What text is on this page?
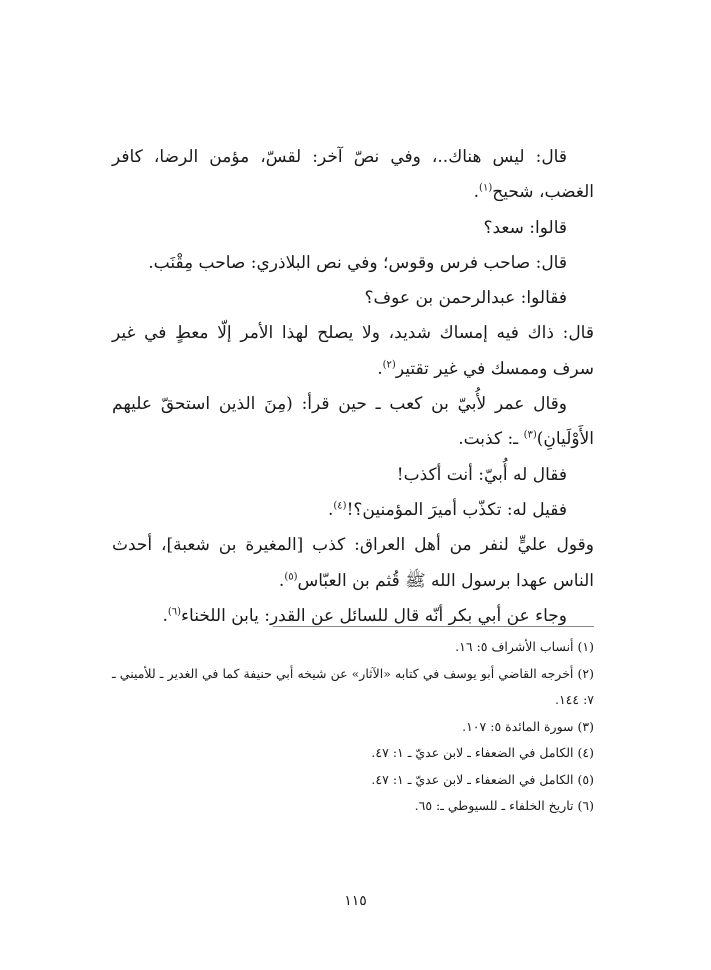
قال: ليس هناك..، وفي نصّ آخر: لقسّ، مؤمن الرضا، كافر الغضب، شحيح$^{(١)}$.

قالوا: سعد؟

قال: صاحب فرس وقوس؛ وفي نص البلاذري: صاحب مِقْنَب.

فقالوا: عبدالرحمن بن عوف؟

قال: ذاك فيه إمساك شديد، ولا يصلح لهذا الأمر إلّا معطٍ في غير سرف وممسك في غير تقتير$^{(٢)}$.

وقال عمر لأُبيّ بن كعب ـ حين قرأ: (مِنَ الذين استحقّ عليهم الأَوْلَيانِ)$^{(٣)}$ ـ: كذبت.

فقال له أُبيّ: أنت أكذب!

فقيل له: تكذّب أميرَ المؤمنين؟!$^{(٤)}$.

وقول عليٍّ لنفر من أهل العراق: كذب [المغيرة بن شعبة]، أحدث الناس عهدا برسول الله ﷺ قُثم بن العبّاس$^{(٥)}$.

وجاء عن أبي بكر أنّه قال للسائل عن القدر: يابن اللخناء$^{(٦)}$.

(١) أنساب الأشراف ٥: ١٦.

(٢) أخرجه القاضي أبو يوسف في كتابه «الآثار» عن شيخه أبي حنيفة كما في الغدير ـ للأميني ـ ٧: ١٤٤.

(٣) سورة المائدة ٥: ١٠٧.

(٤) الكامل في الضعفاء ـ لابن عديّ ـ ١: ٤٧.

(٥) الكامل في الضعفاء ـ لابن عديّ ـ ١: ٤٧.

(٦) تاريخ الخلفاء ـ للسيوطي ـ: ٦٥.

١١٥
